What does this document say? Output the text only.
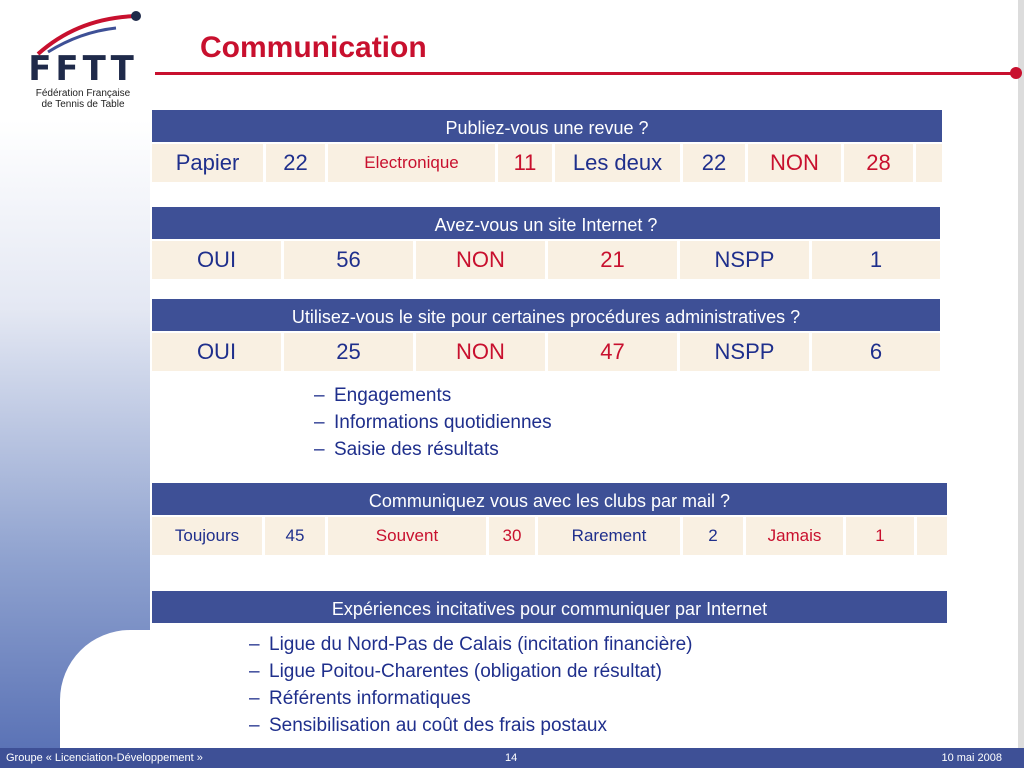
FFTT
Fédération Française
de Tennis de Table
Communication
Publiez-vous une revue ?
Papier	22	Electronique	11	Les deux	22	NON	28
Avez-vous un site Internet ?
OUI	56	NON	21	NSPP	1
Utilisez-vous le site pour certaines procédures administratives ?
OUI	25	NON	47	NSPP	6
– Engagements
– Informations quotidiennes
– Saisie des résultats
Communiquez vous avec les clubs par mail ?
Toujours	45	Souvent	30	Rarement	2	Jamais	1
Expériences incitatives pour communiquer par Internet
– Ligue du Nord-Pas de Calais (incitation financière)
– Ligue Poitou-Charentes (obligation de résultat)
– Référents informatiques
– Sensibilisation au coût des frais postaux
Groupe « Licenciation-Développement »	14	10 mai 2008
